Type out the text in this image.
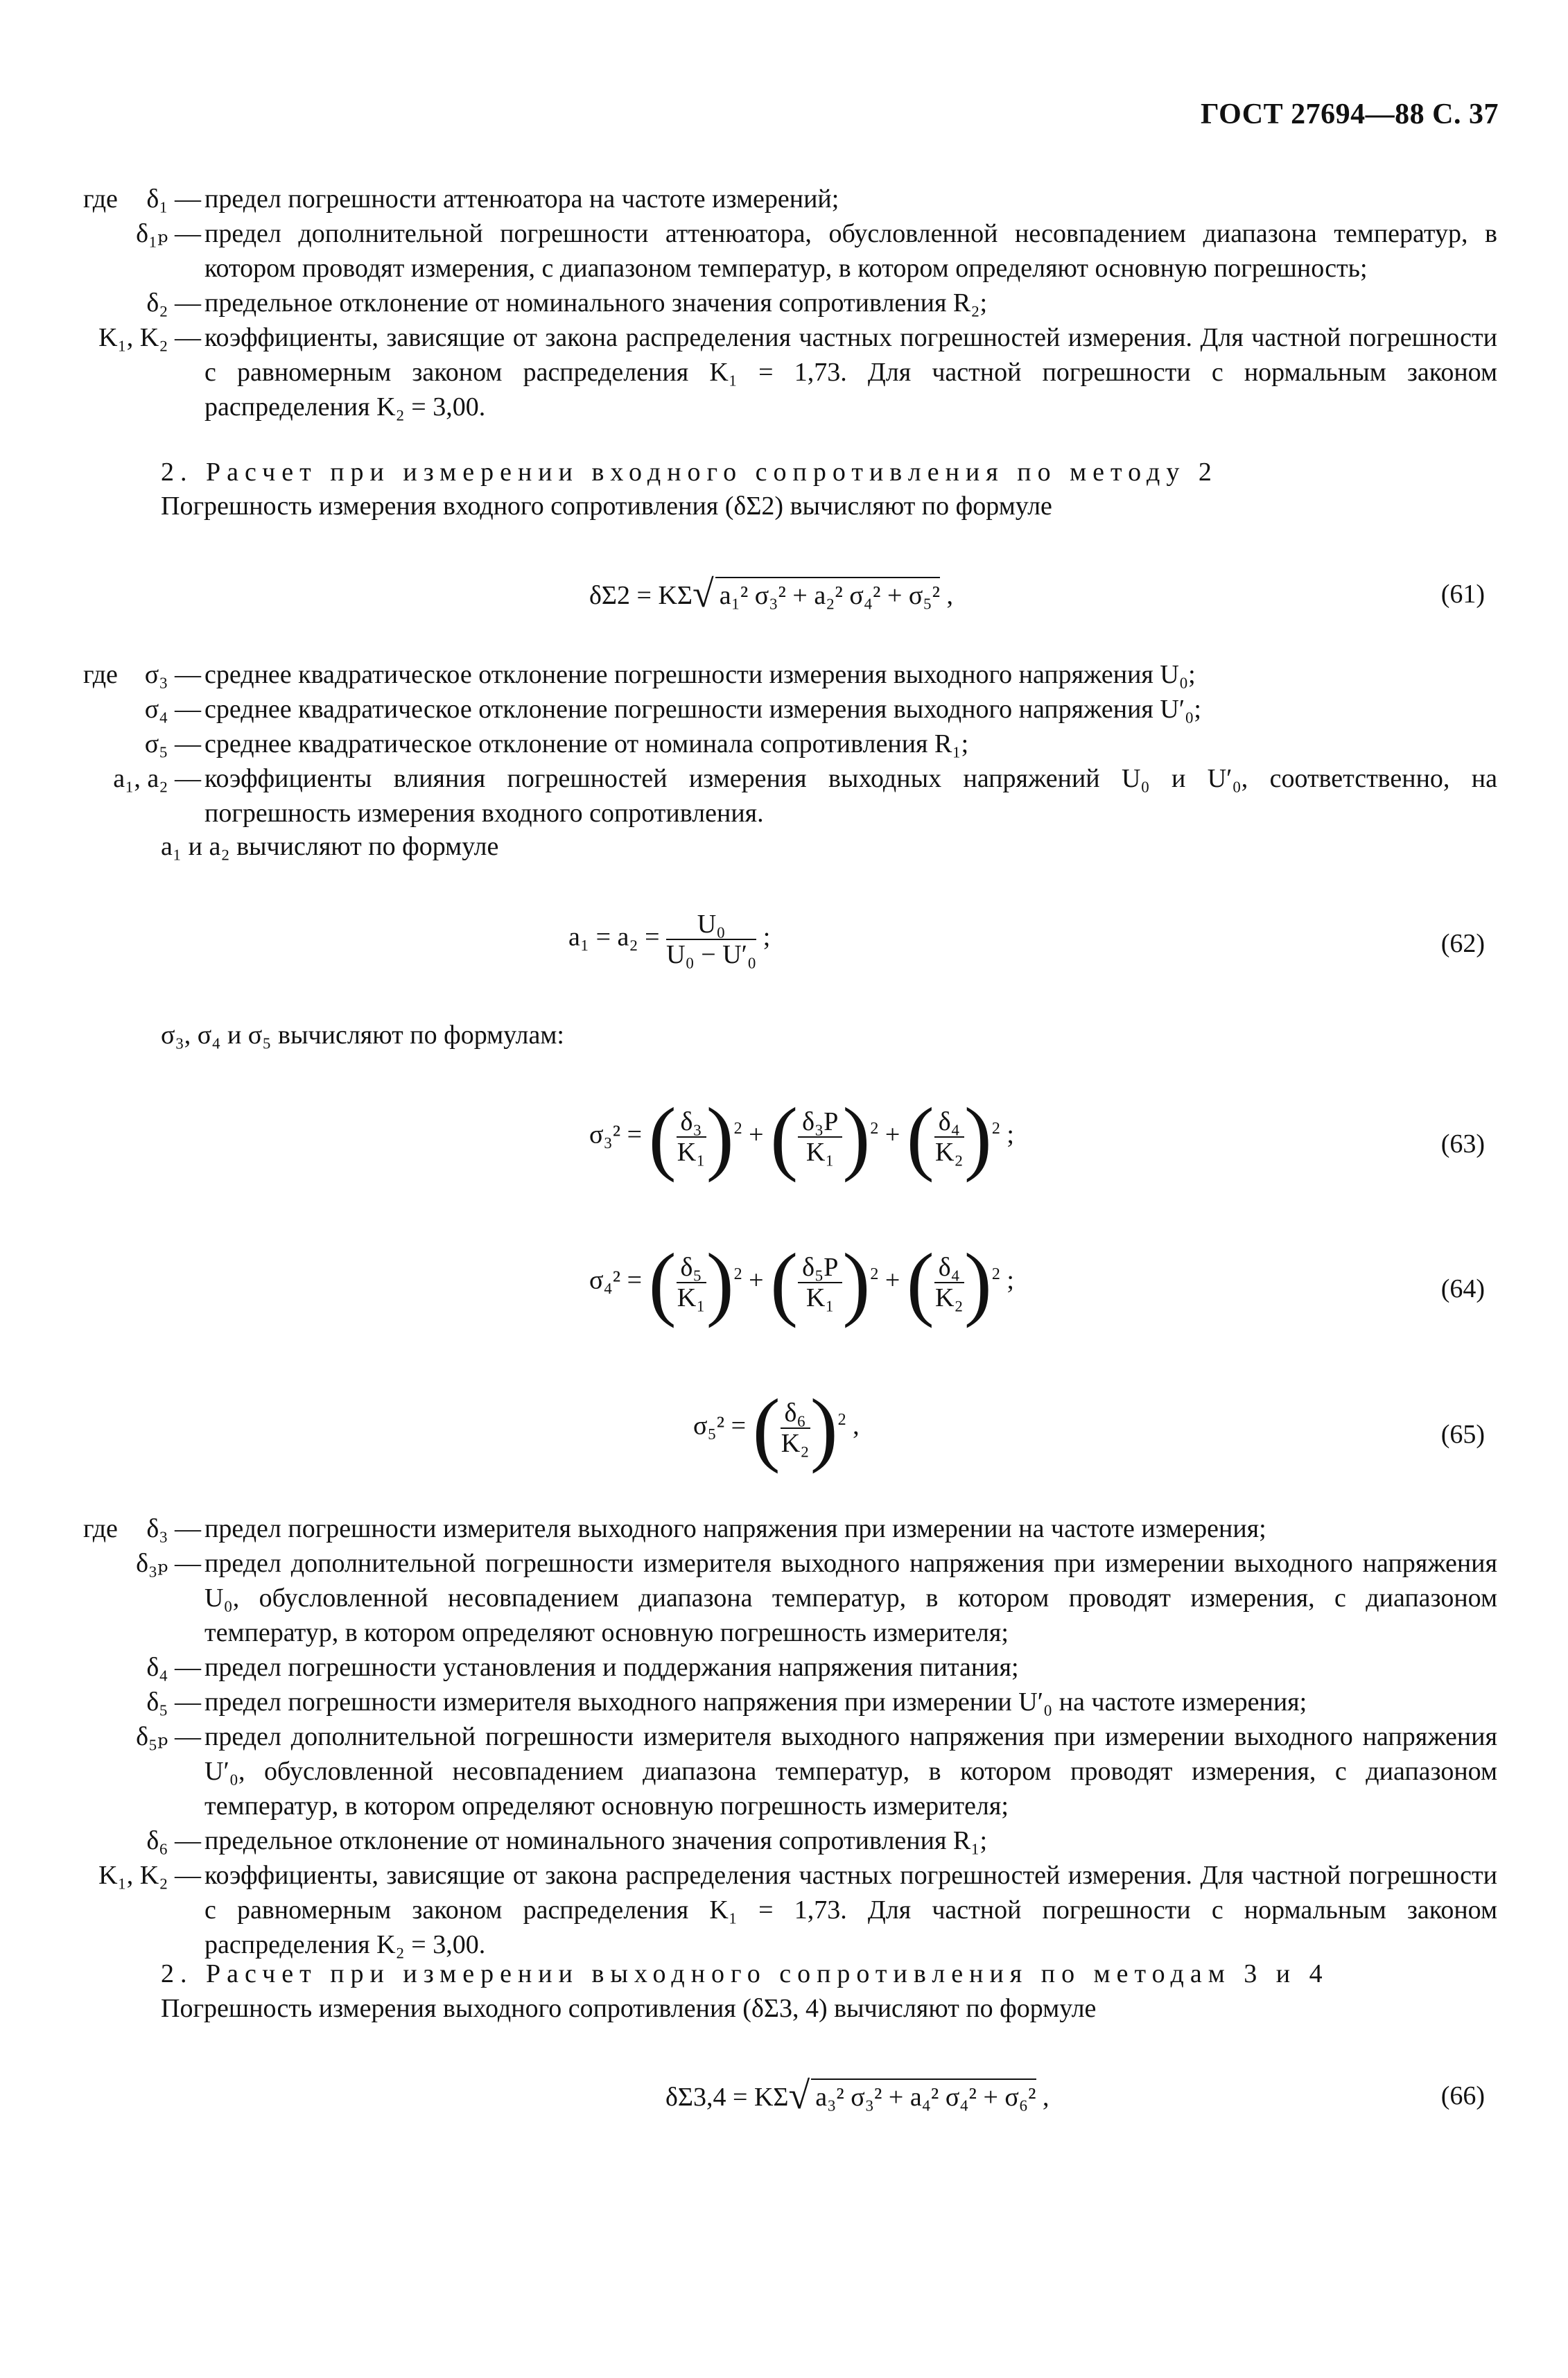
ГОСТ 27694—88 С. 37
где δ₁ — предел погрешности аттенюатора на частоте измерений;
δ₁ₚ — предел дополнительной погрешности аттенюатора, обусловленной несовпадением диапазона температур, в котором проводят измерения, с диапазоном температур, в котором определяют основную погрешность;
δ₂ — предельное отклонение от номинального значения сопротивления R₂;
K₁, K₂ — коэффициенты, зависящие от закона распределения частных погрешностей измерения. Для частной погрешности с равномерным законом распределения K₁ = 1,73. Для частной погрешности с нормальным законом распределения K₂ = 3,00.
2. Расчет при измерении входного сопротивления по методу 2
Погрешность измерения входного сопротивления (δΣ2) вычисляют по формуле
δΣ2 = KΣ√ a₁² σ₃² + a₂² σ₄² + σ₅² ,	(61)
где σ₃ — среднее квадратическое отклонение погрешности измерения выходного напряжения U₀;
σ₄ — среднее квадратическое отклонение погрешности измерения выходного напряжения U′₀;
σ₅ — среднее квадратическое отклонение от номинала сопротивления R₁;
a₁, a₂ — коэффициенты влияния погрешностей измерения выходных напряжений U₀ и U′₀, соответственно, на погрешность измерения входного сопротивления.
a₁ и a₂ вычисляют по формуле
$a_1 = a_2 = \frac{\text{U₀}}{\text{U₀ − U′₀}}$ ;	(62)
σ₃, σ₄ и σ₅ вычисляют по формулам:
σ₃² = ( $\frac{\text{δ₃}}{\text{K₁}} )^2$ + ( $\frac{\text{δ₃P}}{\text{K₁}} )^2$ + ( $\frac{\text{δ₄}}{\text{K₂}} )^2$ ;	(63)
σ₄² = ( $\frac{\text{δ₅}}{\text{K₁}} )^2$ + ( $\frac{\text{δ₅P}}{\text{K₁}} )^2$ + ( $\frac{\text{δ₄}}{\text{K₂}} )^2$ ;	(64)
σ₅² = ( $\frac{\text{δ₆}}{\text{K₂}} )^2$ ,	(65)
где δ₃ — предел погрешности измерителя выходного напряжения при измерении на частоте измерения;
δ₃ₚ — предел дополнительной погрешности измерителя выходного напряжения при измерении выходного напряжения U₀, обусловленной несовпадением диапазона температур, в котором проводят измерения, с диапазоном температур, в котором определяют основную погрешность измерителя;
δ₄ — предел погрешности установления и поддержания напряжения питания;
δ₅ — предел погрешности измерителя выходного напряжения при измерении U′₀ на частоте измерения;
δ₅ₚ — предел дополнительной погрешности измерителя выходного напряжения при измерении выходного напряжения U′₀, обусловленной несовпадением диапазона температур, в котором проводят измерения, с диапазоном температур, в котором определяют основную погрешность измерителя;
δ₆ — предельное отклонение от номинального значения сопротивления R₁;
K₁, K₂ — коэффициенты, зависящие от закона распределения частных погрешностей измерения. Для частной погрешности с равномерным законом распределения K₁ = 1,73. Для частной погрешности с нормальным законом распределения K₂ = 3,00.
2. Расчет при измерении выходного сопротивления по методам 3 и 4
Погрешность измерения выходного сопротивления (δΣ3, 4) вычисляют по формуле
δΣ3,4 = KΣ√ a₃² σ₃² + a₄² σ₄² + σ₆² ,	(66)
